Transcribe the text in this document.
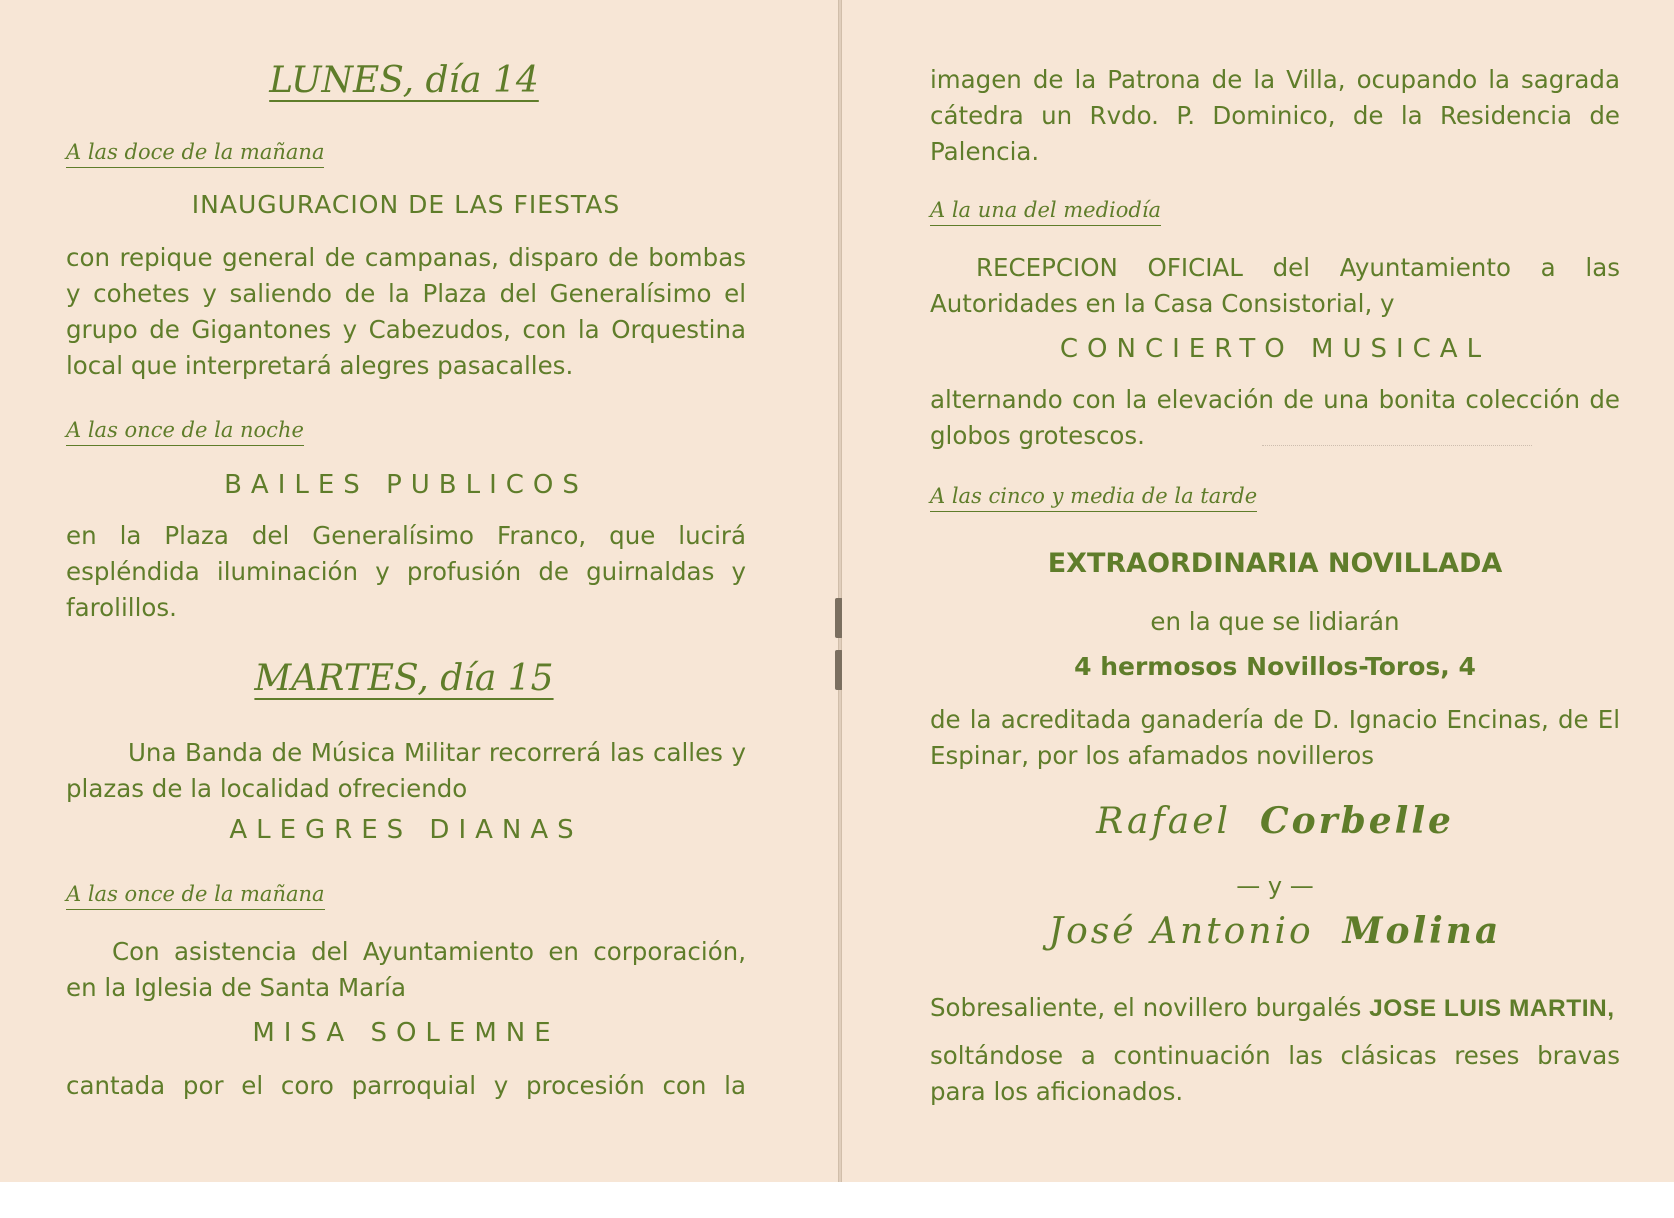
LUNES, día 14

A las doce de la mañana

INAUGURACION DE LAS FIESTAS

con repique general de campanas, disparo de bombas y cohetes y saliendo de la Plaza del Generalísimo el grupo de Gigantones y Cabezudos, con la Orquestina local que interpretará alegres pasacalles.

A las once de la noche

BAILES PUBLICOS

en la Plaza del Generalísimo Franco, que lucirá espléndida iluminación y profusión de guirnaldas y farolillos.

MARTES, día 15

Una Banda de Música Militar recorrerá las calles y plazas de la localidad ofreciendo

ALEGRES DIANAS

A las once de la mañana

Con asistencia del Ayuntamiento en corporación, en la Iglesia de Santa María

MISA SOLEMNE

cantada por el coro parroquial y procesión con la

imagen de la Patrona de la Villa, ocupando la sagrada cátedra un Rvdo. P. Dominico, de la Residencia de Palencia.

A la una del mediodía

RECEPCION OFICIAL del Ayuntamiento a las Autoridades en la Casa Consistorial, y

CONCIERTO MUSICAL

alternando con la elevación de una bonita colección de globos grotescos.

A las cinco y media de la tarde

EXTRAORDINARIA NOVILLADA

en la que se lidiarán

4 hermosos Novillos-Toros, 4

de la acreditada ganadería de D. Ignacio Encinas, de El Espinar, por los afamados novilleros

Rafael Corbelle

— y —

José Antonio Molina

Sobresaliente, el novillero burgalés JOSE LUIS MARTIN,

soltándose a continuación las clásicas reses bravas para los aficionados.
